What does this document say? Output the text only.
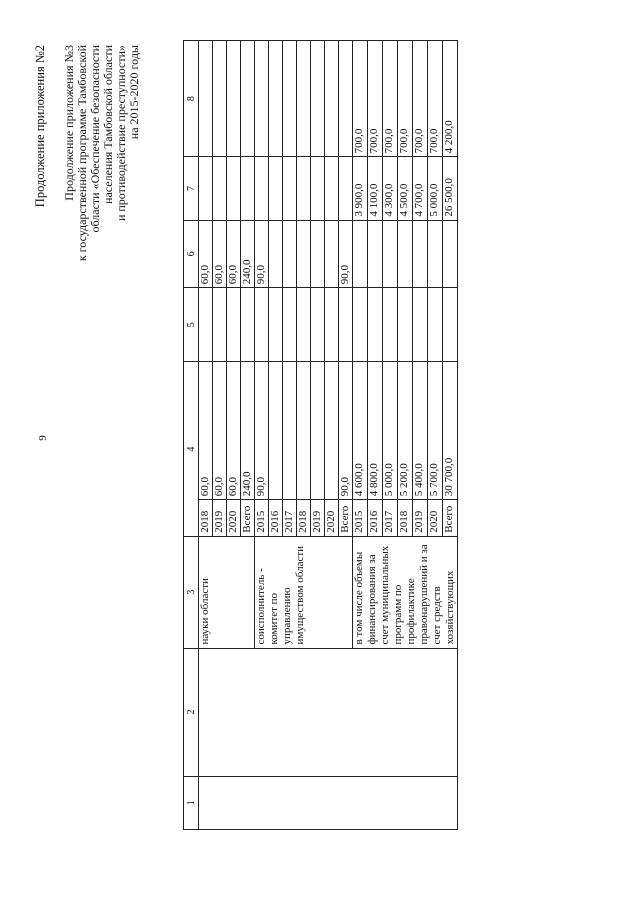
9
Продолжение приложения №2 Продолжение приложения №3 к государственной программе Тамбовской области «Обеспечение безопасности населения Тамбовской области и противодействие преступности» на 2015-2020 годы
1	2	3	4		5	6	7	8
		науки области	2018	60,0		60,0		
			2019	60,0		60,0		
			2020	60,0		60,0		
			Всего	240,0		240,0		
		соисполнитель - комитет по управлению имуществом области	2015	90,0		90,0		
			2016					
			2017					
			2018					
			2019					
			2020					
			Всего	90,0		90,0		
		в том числе объемы финансирования за счет муниципальных программ по профилактике правонарушений и за счет средств хозяйствующих	2015	4 600,0			3 900,0	700,0
			2016	4 800,0			4 100,0	700,0
			2017	5 000,0			4 300,0	700,0
			2018	5 200,0			4 500,0	700,0
			2019	5 400,0			4 700,0	700,0
			2020	5 700,0			5 000,0	700,0
			Всего	30 700,0			26 500,0	4 200,0
